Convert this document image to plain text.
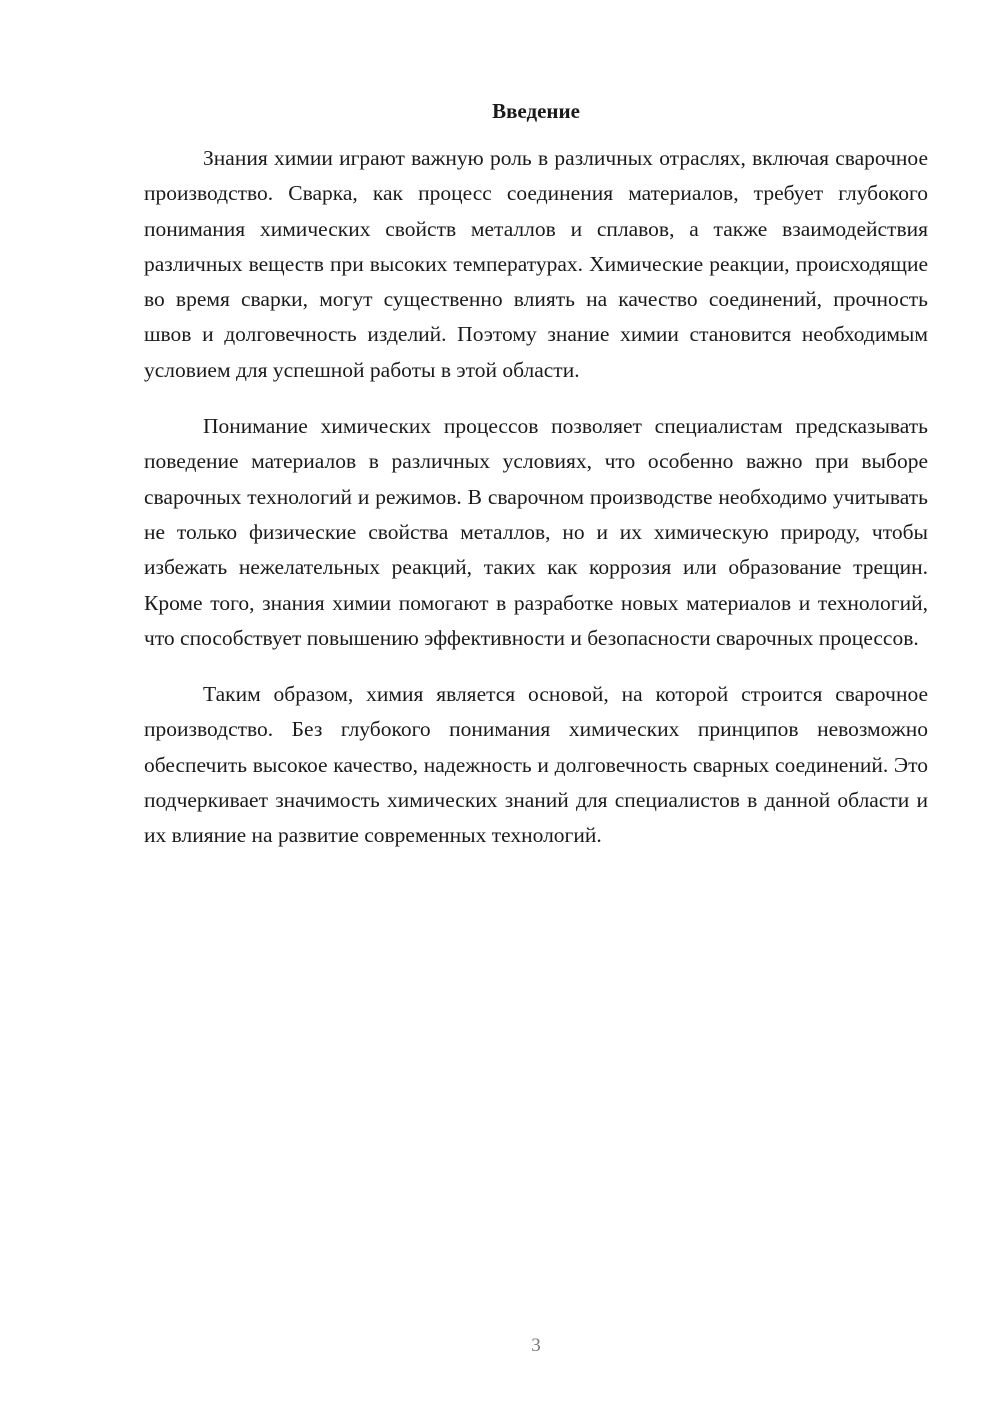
Введение

Знания химии играют важную роль в различных отраслях, включая сварочное производство. Сварка, как процесс соединения материалов, требует глубокого понимания химических свойств металлов и сплавов, а также взаимодействия различных веществ при высоких температурах. Химические реакции, происходящие во время сварки, могут существенно влиять на качество соединений, прочность швов и долговечность изделий. Поэтому знание химии становится необходимым условием для успешной работы в этой области.

Понимание химических процессов позволяет специалистам предсказывать поведение материалов в различных условиях, что особенно важно при выборе сварочных технологий и режимов. В сварочном производстве необходимо учитывать не только физические свойства металлов, но и их химическую природу, чтобы избежать нежелательных реакций, таких как коррозия или образование трещин. Кроме того, знания химии помогают в разработке новых материалов и технологий, что способствует повышению эффективности и безопасности сварочных процессов.

Таким образом, химия является основой, на которой строится сварочное производство. Без глубокого понимания химических принципов невозможно обеспечить высокое качество, надежность и долговечность сварных соединений. Это подчеркивает значимость химических знаний для специалистов в данной области и их влияние на развитие современных технологий.

3
